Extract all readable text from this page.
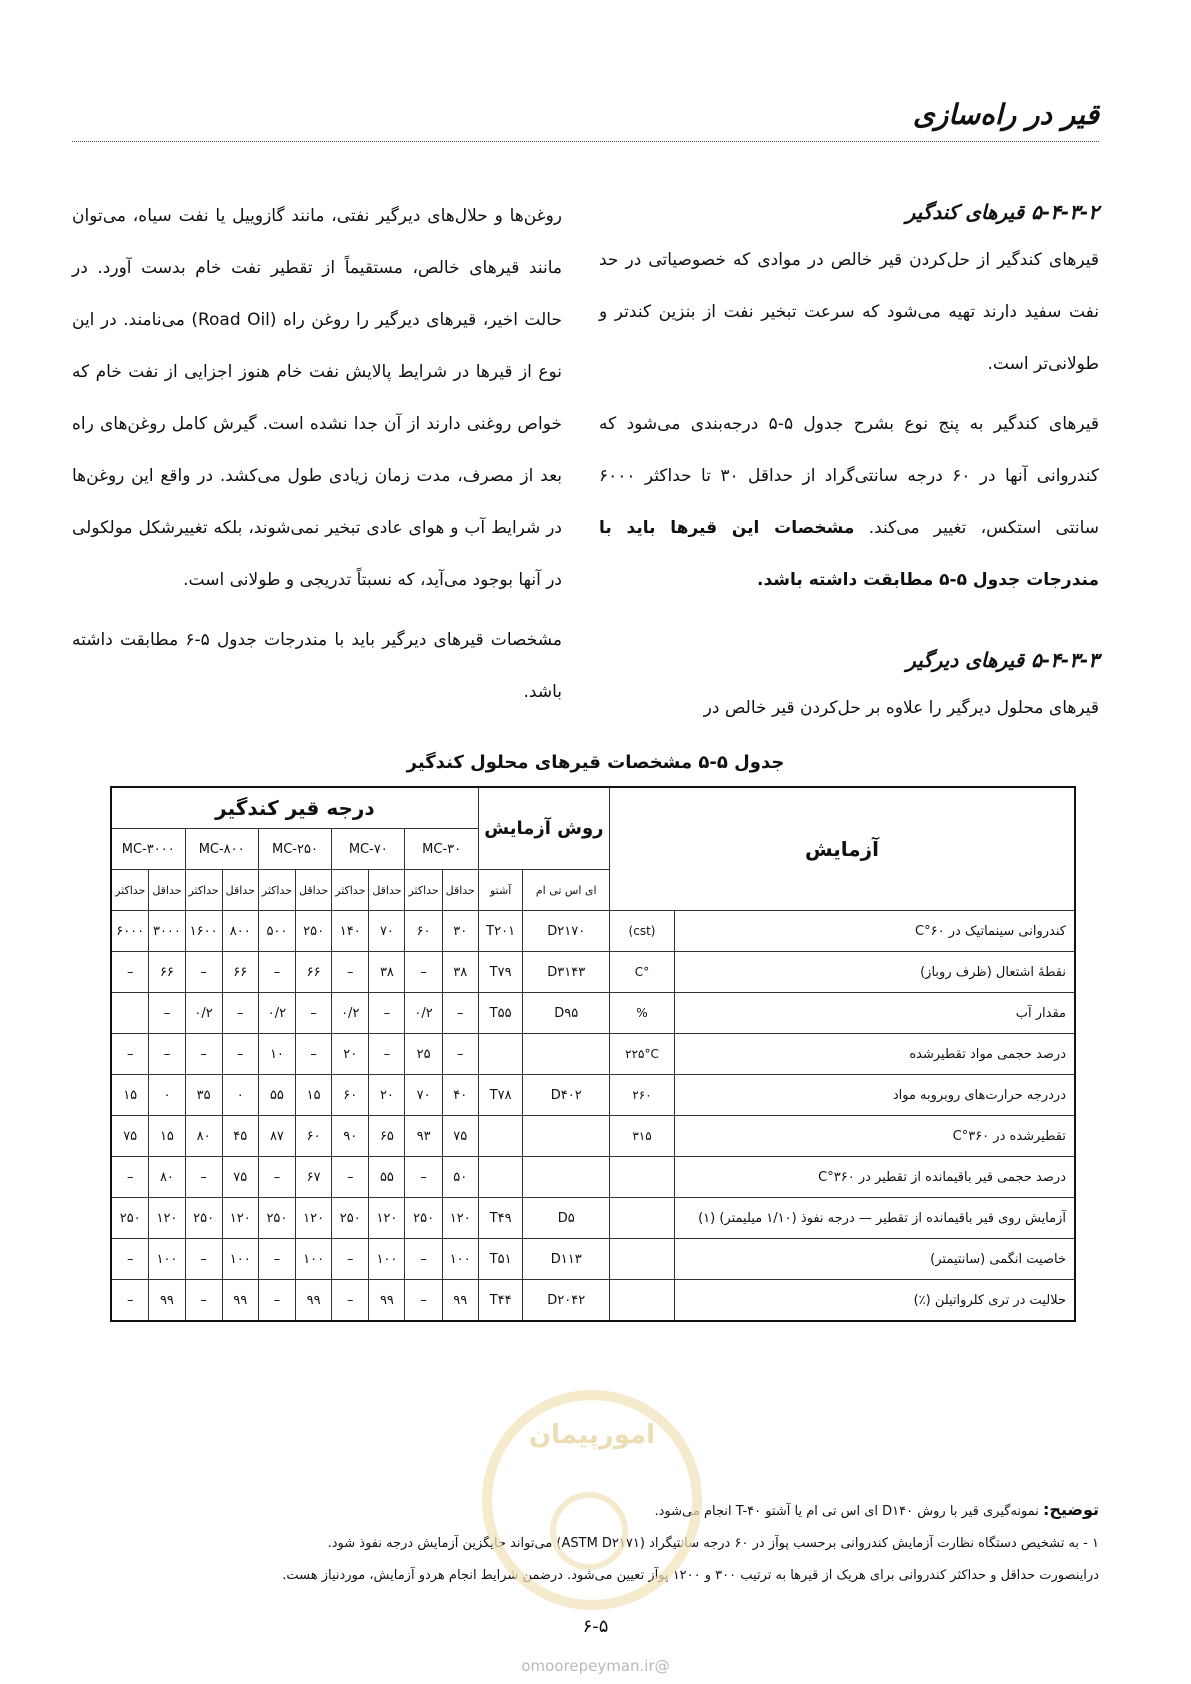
قیر در راه‌سازی
۵-۴-۳-۲ قیرهای کندگیر

قیرهای کندگیر از حل‌کردن قیر خالص در موادی که خصوصیاتی در حد نفت سفید دارند تهیه می‌شود که سرعت تبخیر نفت از بنزین کندتر و طولانی‌تر است.

قیرهای کندگیر به پنج نوع بشرح جدول ۵-۵ درجه‌بندی می‌شود که کندروانی آنها در ۶۰ درجه سانتی‌گراد از حداقل ۳۰ تا حداکثر ۶۰۰۰ سانتی استکس، تغییر می‌کند. مشخصات این قیرها باید با مندرجات جدول ۵-۵ مطابقت داشته باشد.

۵-۴-۳-۳ قیرهای دیرگیر

قیرهای محلول دیرگیر را علاوه بر حل‌کردن قیر خالص در

روغن‌ها و حلال‌های دیرگیر نفتی، مانند گازوییل یا نفت سیاه، می‌توان مانند قیرهای خالص، مستقیماً از تقطیر نفت خام بدست آورد. در حالت اخیر، قیرهای دیرگیر را روغن راه (Road Oil) می‌نامند. در این نوع از قیرها در شرایط پالایش نفت خام هنوز اجزایی از نفت خام که خواص روغنی دارند از آن جدا نشده است. گیرش کامل روغن‌های راه بعد از مصرف، مدت زمان زیادی طول می‌کشد. در واقع این روغن‌ها در شرایط آب و هوای عادی تبخیر نمی‌شوند، بلکه تغییرشکل مولکولی در آنها بوجود می‌آید، که نسبتاً تدریجی و طولانی است.

مشخصات قیرهای دیرگیر باید با مندرجات جدول ۵-۶ مطابقت داشته باشد.

جدول ۵-۵ مشخصات قیرهای محلول کندگیر
آزمایش		روش آزمایش		درجه قیر کندگیر									
				MC-۳۰		MC-۷۰		MC-۲۵۰		MC-۸۰۰		MC-۳۰۰۰	
		ای اس تی ام	آشتو	حداقل	حداکثر	حداقل	حداکثر	حداقل	حداکثر	حداقل	حداکثر	حداقل	حداکثر
کندروانی سینماتیک در ۶۰°C	(cst)	D۲۱۷۰	T۲۰۱	۳۰	۶۰	۷۰	۱۴۰	۲۵۰	۵۰۰	۸۰۰	۱۶۰۰	۳۰۰۰	۶۰۰۰
نقطهٔ اشتعال (ظرف روباز)	°C	D۳۱۴۳	T۷۹	۳۸	–	۳۸	–	۶۶	–	۶۶	–	۶۶	–
مقدار آب	%	D۹۵	T۵۵	–	۰/۲	–	۰/۲	–	۰/۲	–	۰/۲	–	
درصد حجمی مواد تقطیرشده	۲۲۵°C			–	۲۵	–	۲۰	–	۱۰	–	–	–	–
دردرجه حرارت‌های روبروبه مواد	۲۶۰	D۴۰۲	T۷۸	۴۰	۷۰	۲۰	۶۰	۱۵	۵۵	۰	۳۵	۰	۱۵
تقطیرشده در ۳۶۰°C	۳۱۵			۷۵	۹۳	۶۵	۹۰	۶۰	۸۷	۴۵	۸۰	۱۵	۷۵
درصد حجمی قیر باقیمانده از تقطیر در ۳۶۰°C				۵۰	–	۵۵	–	۶۷	–	۷۵	–	۸۰	–
آزمایش روی قیر باقیمانده از تقطیر — درجه نفوذ (۱/۱۰ میلیمتر) (۱)		D۵	T۴۹	۱۲۰	۲۵۰	۱۲۰	۲۵۰	۱۲۰	۲۵۰	۱۲۰	۲۵۰	۱۲۰	۲۵۰
خاصیت انگمی (سانتیمتر)		D۱۱۳	T۵۱	۱۰۰	–	۱۰۰	–	۱۰۰	–	۱۰۰	–	۱۰۰	–
حلالیت در تری کلرواتیلن (٪)		D۲۰۴۲	T۴۴	۹۹	–	۹۹	–	۹۹	–	۹۹	–	۹۹	–

توضیح: نمونه‌گیری قیر با روش D۱۴۰ ای اس تی ام یا آشتو T-۴۰ انجام می‌شود.

۱ - به تشخیص دستگاه نظارت آزمایش کندروانی برحسب پوآز در ۶۰ درجه سانتیگراد (ASTM D۲۱۷۱) می‌تواند جایگزین آزمایش درجه نفوذ شود.

دراینصورت حداقل و حداکثر کندروانی برای هریک از قیرها به ترتیب ۳۰۰ و ۱۲۰۰ پوآز تعیین می‌شود. درضمن شرایط انجام هردو آزمایش، موردنیاز هست.

۶-۵
امورپیمان
@omoorepeyman.ir
